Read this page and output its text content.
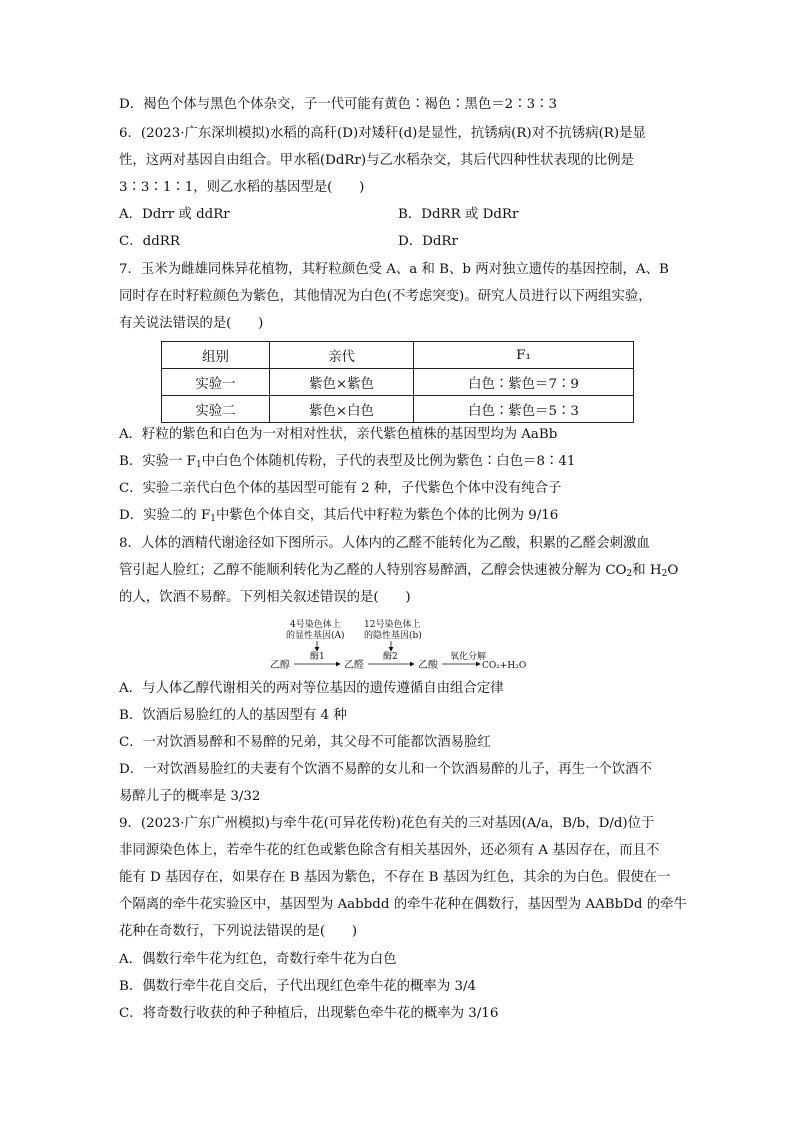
D．褐色个体与黑色个体杂交，子一代可能有黄色∶褐色∶黑色＝2∶3∶3
6．(2023·广东深圳模拟)水稻的高秆(D)对矮秆(d)是显性，抗锈病(R)对不抗锈病(R)是显
性，这两对基因自由组合。甲水稻(DdRr)与乙水稻杂交，其后代四种性状表现的比例是
3∶3∶1∶1，则乙水稻的基因型是(　　)
A．Ddrr 或 ddRr	B．DdRR 或 DdRr
C．ddRR	D．DdRr
7．玉米为雌雄同株异花植物，其籽粒颜色受 A、a 和 B、b 两对独立遗传的基因控制，A、B
同时存在时籽粒颜色为紫色，其他情况为白色(不考虑突变)。研究人员进行以下两组实验，
有关说法错误的是(　　)
组别	亲代	F₁
实验一	紫色×紫色	白色∶紫色＝7∶9
实验二	紫色×白色	白色∶紫色＝5∶3
A．籽粒的紫色和白色为一对相对性状，亲代紫色植株的基因型均为 AaBb
B．实验一 $F_1$中白色个体随机传粉，子代的表型及比例为紫色∶白色＝8∶41
C．实验二亲代白色个体的基因型可能有 2 种，子代紫色个体中没有纯合子
D．实验二的 $F_1$中紫色个体自交，其后代中籽粒为紫色个体的比例为 9/16
8．人体的酒精代谢途径如下图所示。人体内的乙醛不能转化为乙酸，积累的乙醛会刺激血
管引起人脸红；乙醇不能顺利转化为乙醛的人特别容易醉酒，乙醇会快速被分解为 $CO_2$和 $H_2O$
的人，饮酒不易醉。下列相关叙述错误的是(　　)
4号染色体上
的显性基因(A)
12号染色体上
的隐性基因(b)
酶1	酶2
乙醇	乙醛	乙酸
氧化分解
CO₂+H₂O
A．与人体乙醇代谢相关的两对等位基因的遗传遵循自由组合定律
B．饮酒后易脸红的人的基因型有 4 种
C．一对饮酒易醉和不易醉的兄弟，其父母不可能都饮酒易脸红
D．一对饮酒易脸红的夫妻有个饮酒不易醉的女儿和一个饮酒易醉的儿子，再生一个饮酒不
易醉儿子的概率是 3/32
9．(2023·广东广州模拟)与牵牛花(可异花传粉)花色有关的三对基因(A/a，B/b，D/d)位于
非同源染色体上，若牵牛花的红色或紫色除含有相关基因外，还必须有 A 基因存在，而且不
能有 D 基因存在，如果存在 B 基因为紫色，不存在 B 基因为红色，其余的为白色。假使在一
个隔离的牵牛花实验区中，基因型为 Aabbdd 的牵牛花种在偶数行，基因型为 AABbDd 的牵牛
花种在奇数行，下列说法错误的是(　　)
A．偶数行牵牛花为红色，奇数行牵牛花为白色
B．偶数行牵牛花自交后，子代出现红色牵牛花的概率为 3/4
C．将奇数行收获的种子种植后，出现紫色牵牛花的概率为 3/16
